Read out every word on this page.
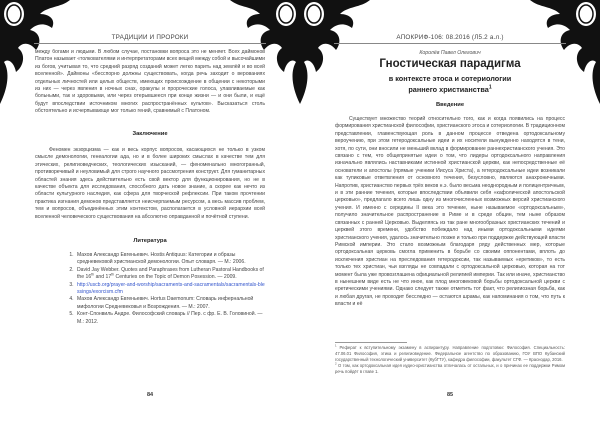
ТРАДИЦИИ И ПРОРОКИ

между богами и людьми. В любом случае, постановки вопроса это не меняет. Всех даймонов Платон называет «толкователями и интерпретаторами всех вещей между собой и высочайшими из богов, учитывая то, что средний разряд созданий может легко парить над землёй и во всей вселенной». Даймоны «бесспорно должны существовать, когда речь заходит о верованиях отдельных личностей или целых обществ, имеющих происхождение в общении с некоторыми из них — через явления в ночных снах, оракулы и пророческие голоса, улавливаемые как больными, так и здоровыми, или через отерывшееся при конце жизни — и они были, и ещё будут впоследствии источником многих распространённых культов». Высказаться столь обстоятельно и исчерпывающе мог только гений, сравнимый с Платоном.

Заключение

Феномен экзорцизма — как и весь корпус вопросов, касающихся не только в узком смысле демонологии, генеалогии ада, но и в более широких смыслах в качестве тем для этических, религиоведческих, теологических изысканий, — феноменально многогранный, противоречивый и неуловимый для строго научного рассмотрения конструкт. Для гуманитарных областей знания здесь действительно есть свой вектор для функционирования, но не в качестве объекта для исследования, способного дать новое знание, а скорее как нечто из области культурного наследия, как сфера для творческой рефлексии. При таком прочтении практика изгнания демонов представляется неисчерпаемым ресурсом, а весь массив проблем, тем и вопросов, объединённых этим контекстом, располагается в условной иерархии всей вселенной человеческого существования на абсолютно оправданной и почётной ступени.

Литература
1. Махов Александр Евгеньевич. Hostis Antiquus: Категории и образы средневековой христианской демонологии. Опыт словаря. — М.: 2006.
2. David Jay Webber. Quotes and Paraphrases from Lutheran Pastoral Handbooks of the 16th and 17th Centuries on the Topic of Demon Posession. — 2009.
3. http://uscb.org/prayer-and-worship/sacraments-and-sacramentals/sacramentals-blessings/exorcism.cfm
4. Махов Александр Евгеньевич. Hortus Daemonum: Словарь инфернальной мифологии Средневековья и Возрождения. — М.: 2007.
5. Конт-Спонвиль Андре. Философский словарь // Пер. с фр. Е. В. Головиной. — М.: 2012.
84
АПОКРИФ-106: 08.2016 (Л5.2 а.л.)
Королёв Павел Олегович
Гностическая парадигма
в контексте этоса и сотериологии
раннего христианства$^1$
Введение

Существует множество теорий относительно того, как и когда появились на процесс формирования христианской философии, христианского этоса и сотериологии. В традиционном представлении, главенствующая роль в данном процессе отведена ортодоксальному вероучению, при этом гетеродоксальные идеи и их носители вынужденно находятся в тени, хотя, по сути, они вносили не меньший вклад в формирование раннехристианского учения. Это связано с тем, что общепринятые идеи о том, что лидеры ортодоксального направления изначально являлись наставниками истинной христианской церкви, как непосредственные её основатели и апостолы (прямые ученики Иисуса Христа), а гетеродоксальные идеи возникали как тупиковые ответвления от основного течения, безусловно, являются анахроничными. Напротив, христианство первых трёх веков н.э. было весьма неоднородным и полицентричным, и в эти ранние течения, которые впоследствии объявили себя «кафолической апостольской церковью», предлагало всего лишь одну из многочисленных возможных версий христианского учения. И именно с середины II века это течение, ныне называемое «ортодоксальным», получило значительное распространение в Риме и в среде общин, тем ныне образом связанных с ранней Церковью. Выделяясь из так ране многообразных христианских течений и церквей этого времени, удобство побеждало над иными ортодоксальными идеями христианского учения, удалось значительно позже и только при поддержке действующей власти Римской империи. Это стало возможным благодаря ряду действенных мер, которые ортодоксальная церковь смогла применить в борьбе со своими оппонентами, вплоть до исключения христиан на преследования гетеродоксии, так называемых «еретиков», то есть только тех христиан, чьи взгляды не совпадали с ортодоксальной церковью, которая на тот момент была уже провозглашена официальной религией империи. Так или иначе, христианство в нынешнем виде есть не что иное, как плод многовековой борьбы ортодоксальной церкви с еретическими учениями. Однако следует также отметить тот факт, что религиозная борьба, как и любая другая, не проходит бесследно — остаются шрамы, как напоминания о том, что путь к власти и её

$^1$ Реферат к вступительному экзамену в аспирантуру. Направление подготовки: Философия. Специальность: 47.06.01 Философия, этика и религиоведение. Федеральное агентство по образованию, ГОУ ВПО Кубанский государственный технологический университет (КубГТУ), кафедра философии, факультет СГФ. — Краснодар, 2016.

$^2$ О том, как ортодоксальная идея иудео-христианства отличалась от остальных, и о причинах ее поддержки Римом речь пойдёт в главе 1.

85
